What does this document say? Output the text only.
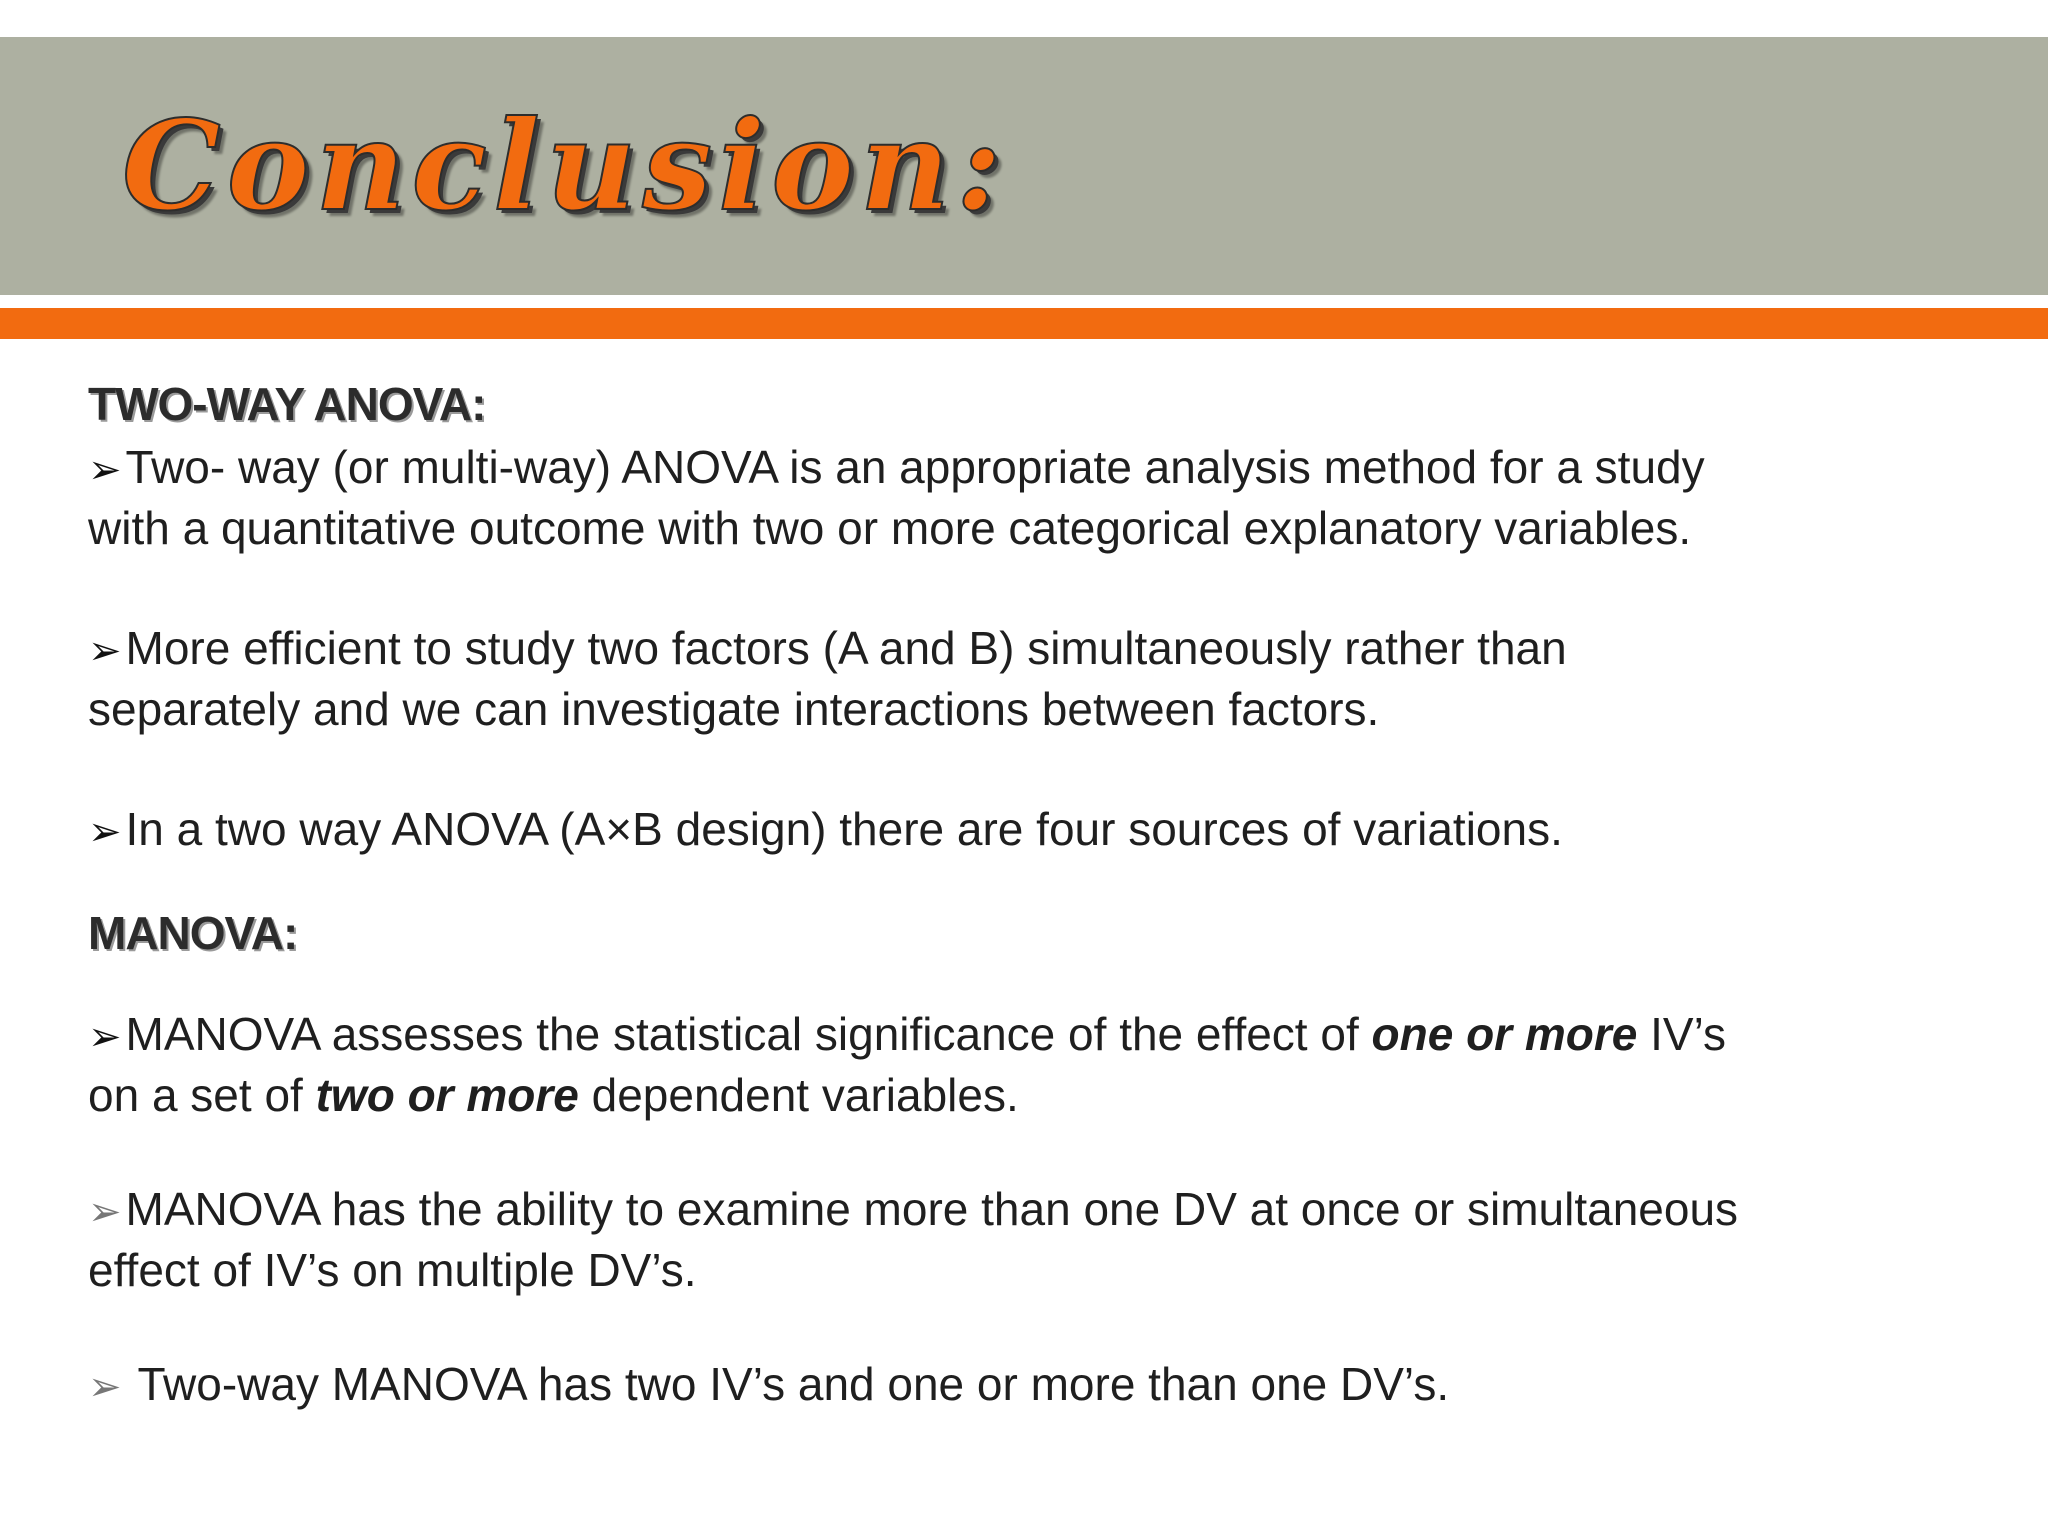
Conclusion:
TWO-WAY ANOVA:

➢Two- way (or multi-way) ANOVA is an appropriate analysis method for a study
with a quantitative outcome with two or more categorical explanatory variables.

➢More efficient to study two factors (A and B) simultaneously rather than
separately and we can investigate interactions between factors.

➢In a two way ANOVA (A×B design) there are four sources of variations.

MANOVA:

➢MANOVA assesses the statistical significance of the effect of one or more IV’s
on a set of two or more dependent variables.

➢MANOVA has the ability to examine more than one DV at once or simultaneous
effect of IV’s on multiple DV’s.

➢ Two-way MANOVA has two IV’s and one or more than one DV’s.
